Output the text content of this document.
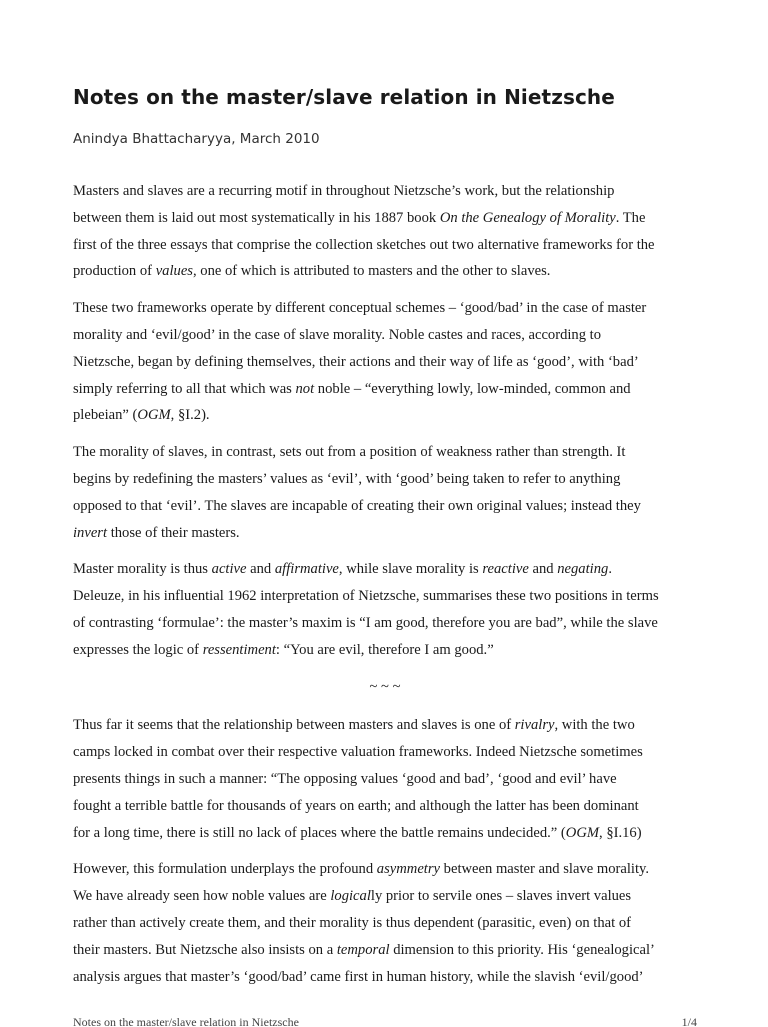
Notes on the master/slave relation in Nietzsche
Anindya Bhattacharyya, March 2010

Masters and slaves are a recurring motif in throughout Nietzsche’s work, but the relationship
between them is laid out most systematically in his 1887 book On the Genealogy of Morality. The
first of the three essays that comprise the collection sketches out two alternative frameworks for the
production of values, one of which is attributed to masters and the other to slaves.

These two frameworks operate by different conceptual schemes – ‘good/bad’ in the case of master
morality and ‘evil/good’ in the case of slave morality. Noble castes and races, according to
Nietzsche, began by defining themselves, their actions and their way of life as ‘good’, with ‘bad’
simply referring to all that which was not noble – “everything lowly, low-minded, common and
plebeian” (OGM, §I.2).

The morality of slaves, in contrast, sets out from a position of weakness rather than strength. It
begins by redefining the masters’ values as ‘evil’, with ‘good’ being taken to refer to anything
opposed to that ‘evil’. The slaves are incapable of creating their own original values; instead they
invert those of their masters.

Master morality is thus active and affirmative, while slave morality is reactive and negating.
Deleuze, in his influential 1962 interpretation of Nietzsche, summarises these two positions in terms
of contrasting ‘formulae’: the master’s maxim is “I am good, therefore you are bad”, while the slave
expresses the logic of ressentiment: “You are evil, therefore I am good.”

~ ~ ~

Thus far it seems that the relationship between masters and slaves is one of rivalry, with the two
camps locked in combat over their respective valuation frameworks. Indeed Nietzsche sometimes
presents things in such a manner: “The opposing values ‘good and bad’, ‘good and evil’ have
fought a terrible battle for thousands of years on earth; and although the latter has been dominant
for a long time, there is still no lack of places where the battle remains undecided.” (OGM, §I.16)

However, this formulation underplays the profound asymmetry between master and slave morality.
We have already seen how noble values are logically prior to servile ones – slaves invert values
rather than actively create them, and their morality is thus dependent (parasitic, even) on that of
their masters. But Nietzsche also insists on a temporal dimension to this priority. His ‘genealogical’
analysis argues that master’s ‘good/bad’ came first in human history, while the slavish ‘evil/good’

Notes on the master/slave relation in Nietzsche	1/4
